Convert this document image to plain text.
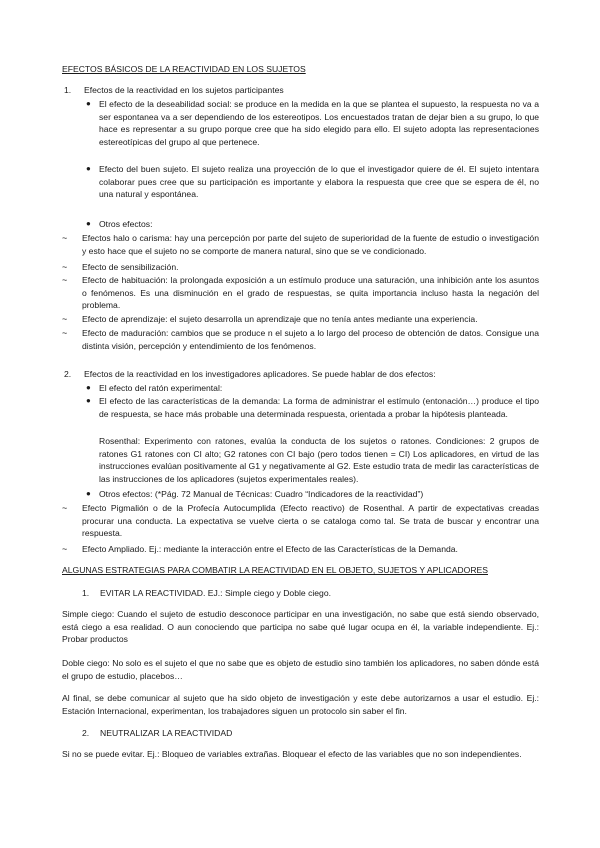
EFECTOS BÁSICOS DE LA REACTIVIDAD EN LOS SUJETOS
1. Efectos de la reactividad en los sujetos participantes
● El efecto de la deseabilidad social: se produce en la medida en la que se plantea el supuesto, la respuesta no va a ser espontanea va a ser dependiendo de los estereotipos. Los encuestados tratan de dejar bien a su grupo, lo que hace es representar a su grupo porque cree que ha sido elegido para ello. El sujeto adopta las representaciones estereotípicas del grupo al que pertenece.
● Efecto del buen sujeto. El sujeto realiza una proyección de lo que el investigador quiere de él. El sujeto intentara colaborar pues cree que su participación es importante y elabora la respuesta que cree que se espera de él, no una natural y espontánea.
● Otros efectos:
~ Efectos halo o carisma: hay una percepción por parte del sujeto de superioridad de la fuente de estudio o investigación y esto hace que el sujeto no se comporte de manera natural, sino que se ve condicionado.
~ Efecto de sensibilización.
~ Efecto de habituación: la prolongada exposición a un estímulo produce una saturación, una inhibición ante los asuntos o fenómenos. Es una disminución en el grado de respuestas, se quita importancia incluso hasta la negación del problema.
~ Efecto de aprendizaje: el sujeto desarrolla un aprendizaje que no tenía antes mediante una experiencia.
~ Efecto de maduración: cambios que se produce n el sujeto a lo largo del proceso de obtención de datos. Consigue una distinta visión, percepción y entendimiento de los fenómenos.
2. Efectos de la reactividad en los investigadores aplicadores. Se puede hablar de dos efectos:
● El efecto del ratón experimental:
● El efecto de las características de la demanda: La forma de administrar el estímulo (entonación…) produce el tipo de respuesta, se hace más probable una determinada respuesta, orientada a probar la hipótesis planteada.
Rosenthal: Experimento con ratones, evalúa la conducta de los sujetos o ratones. Condiciones: 2 grupos de ratones G1 ratones con CI alto; G2 ratones con CI bajo (pero todos tienen = CI) Los aplicadores, en virtud de las instrucciones evalúan positivamente al G1 y negativamente al G2. Este estudio trata de medir las características de las instrucciones de los aplicadores (sujetos experimentales reales).
● Otros efectos: (*Pág. 72 Manual de Técnicas: Cuadro “Indicadores de la reactividad”)
~ Efecto Pigmalión o de la Profecía Autocumplida (Efecto reactivo) de Rosenthal. A partir de expectativas creadas procurar una conducta. La expectativa se vuelve cierta o se cataloga como tal. Se trata de buscar y encontrar una respuesta.
~ Efecto Ampliado. Ej.: mediante la interacción entre el Efecto de las Características de la Demanda.
ALGUNAS ESTRATEGIAS PARA COMBATIR LA REACTIVIDAD EN EL OBJETO, SUJETOS Y APLICADORES
1. EVITAR LA REACTIVIDAD. EJ.: Simple ciego y Doble ciego.
Simple ciego: Cuando el sujeto de estudio desconoce participar en una investigación, no sabe que está siendo observado, está ciego a esa realidad. O aun conociendo que participa no sabe qué lugar ocupa en él, la variable independiente. Ej.: Probar productos
Doble ciego: No solo es el sujeto el que no sabe que es objeto de estudio sino también los aplicadores, no saben dónde está el grupo de estudio, placebos…
Al final, se debe comunicar al sujeto que ha sido objeto de investigación y este debe autorizarnos a usar el estudio. Ej.: Estación Internacional, experimentan, los trabajadores siguen un protocolo sin saber el fin.
2. NEUTRALIZAR LA REACTIVIDAD
Si no se puede evitar. Ej.: Bloqueo de variables extrañas. Bloquear el efecto de las variables que no son independientes.
